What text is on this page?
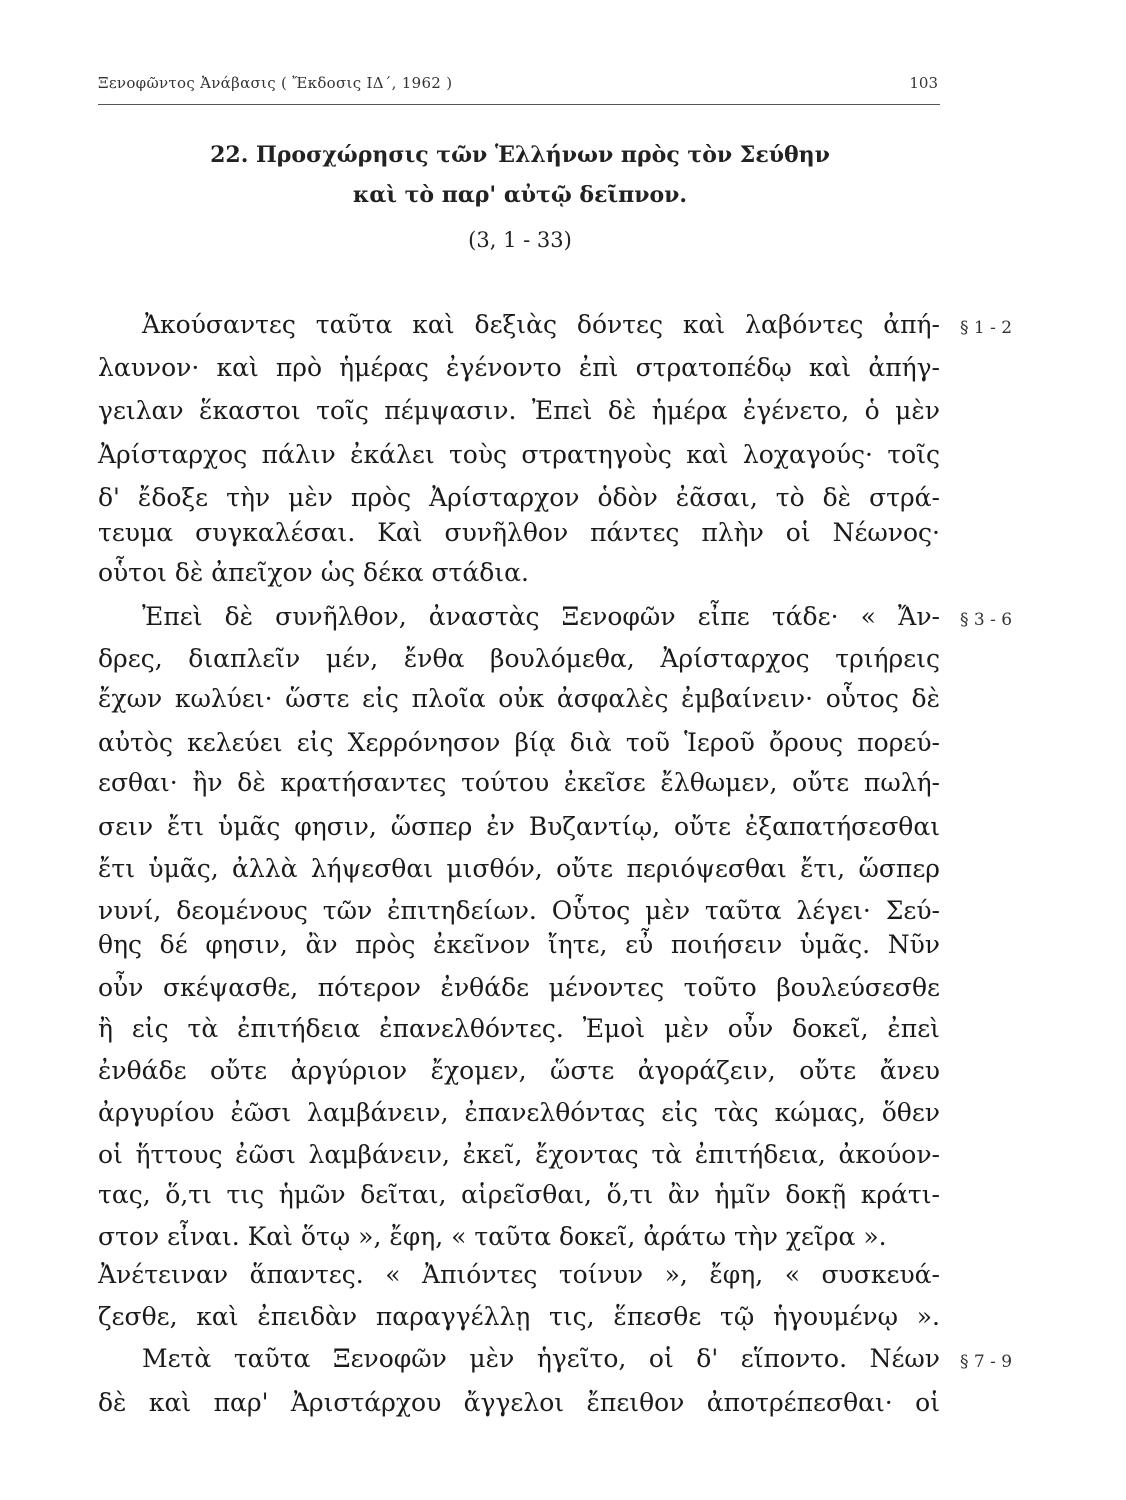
Ξενοφῶντος Ἀνάβασις ( Ἔκδοσις ΙΔ΄, 1962 )	103
22. Προσχώρησις τῶν Ἑλλήνων πρὸς τὸν Σεύθην
καὶ τὸ παρ' αὐτῷ δεῖπνον.
(3, 1 - 33)
Ἀκούσαντες ταῦτα καὶ δεξιὰς δόντες καὶ λαβόντες ἀπή-
λαυνον· καὶ πρὸ ἡμέρας ἐγένοντο ἐπὶ στρατοπέδῳ καὶ ἀπήγ-
γειλαν ἕκαστοι τοῖς πέμψασιν. Ἐπεὶ δὲ ἡμέρα ἐγένετο, ὁ μὲν
Ἀρίσταρχος πάλιν ἐκάλει τοὺς στρατηγοὺς καὶ λοχαγούς· τοῖς
δ' ἔδοξε τὴν μὲν πρὸς Ἀρίσταρχον ὁδὸν ἐᾶσαι, τὸ δὲ στρά-
τευμα συγκαλέσαι. Καὶ συνῆλθον πάντες πλὴν οἱ Νέωνος·
οὗτοι δὲ ἀπεῖχον ὡς δέκα στάδια.
Ἐπεὶ δὲ συνῆλθον, ἀναστὰς Ξενοφῶν εἶπε τάδε· « Ἄν-
δρες, διαπλεῖν μέν, ἔνθα βουλόμεθα, Ἀρίσταρχος τριήρεις
ἔχων κωλύει· ὥστε εἰς πλοῖα οὐκ ἀσφαλὲς ἐμβαίνειν· οὗτος δὲ
αὐτὸς κελεύει εἰς Χερρόνησον βίᾳ διὰ τοῦ Ἱεροῦ ὄρους πορεύ-
εσθαι· ἢν δὲ κρατήσαντες τούτου ἐκεῖσε ἔλθωμεν, οὔτε πωλή-
σειν ἔτι ὑμᾶς φησιν, ὥσπερ ἐν Βυζαντίῳ, οὔτε ἐξαπατήσεσθαι
ἔτι ὑμᾶς, ἀλλὰ λήψεσθαι μισθόν, οὔτε περιόψεσθαι ἔτι, ὥσπερ
νυνί, δεομένους τῶν ἐπιτηδείων. Οὗτος μὲν ταῦτα λέγει· Σεύ-
θης δέ φησιν, ἂν πρὸς ἐκεῖνον ἴητε, εὖ ποιήσειν ὑμᾶς. Νῦν
οὖν σκέψασθε, πότερον ἐνθάδε μένοντες τοῦτο βουλεύσεσθε
ἢ εἰς τὰ ἐπιτήδεια ἐπανελθόντες. Ἐμοὶ μὲν οὖν δοκεῖ, ἐπεὶ
ἐνθάδε οὔτε ἀργύριον ἔχομεν, ὥστε ἀγοράζειν, οὔτε ἄνευ
ἀργυρίου ἐῶσι λαμβάνειν, ἐπανελθόντας εἰς τὰς κώμας, ὅθεν
οἱ ἥττους ἐῶσι λαμβάνειν, ἐκεῖ, ἔχοντας τὰ ἐπιτήδεια, ἀκούον-
τας, ὅ,τι τις ἡμῶν δεῖται, αἱρεῖσθαι, ὅ,τι ἂν ἡμῖν δοκῇ κράτι-
στον εἶναι. Καὶ ὅτῳ », ἔφη, « ταῦτα δοκεῖ, ἀράτω τὴν χεῖρα ».
Ἀνέτειναν ἅπαντες. « Ἀπιόντες τοίνυν », ἔφη, « συσκευά-
ζεσθε, καὶ ἐπειδὰν παραγγέλλῃ τις, ἕπεσθε τῷ ἡγουμένῳ ».
Μετὰ ταῦτα Ξενοφῶν μὲν ἡγεῖτο, οἱ δ' εἵποντο. Νέων
δὲ καὶ παρ' Ἀριστάρχου ἄγγελοι ἔπειθον ἀποτρέπεσθαι· οἱ
§ 1 - 2
§ 3 - 6
§ 7 - 9
